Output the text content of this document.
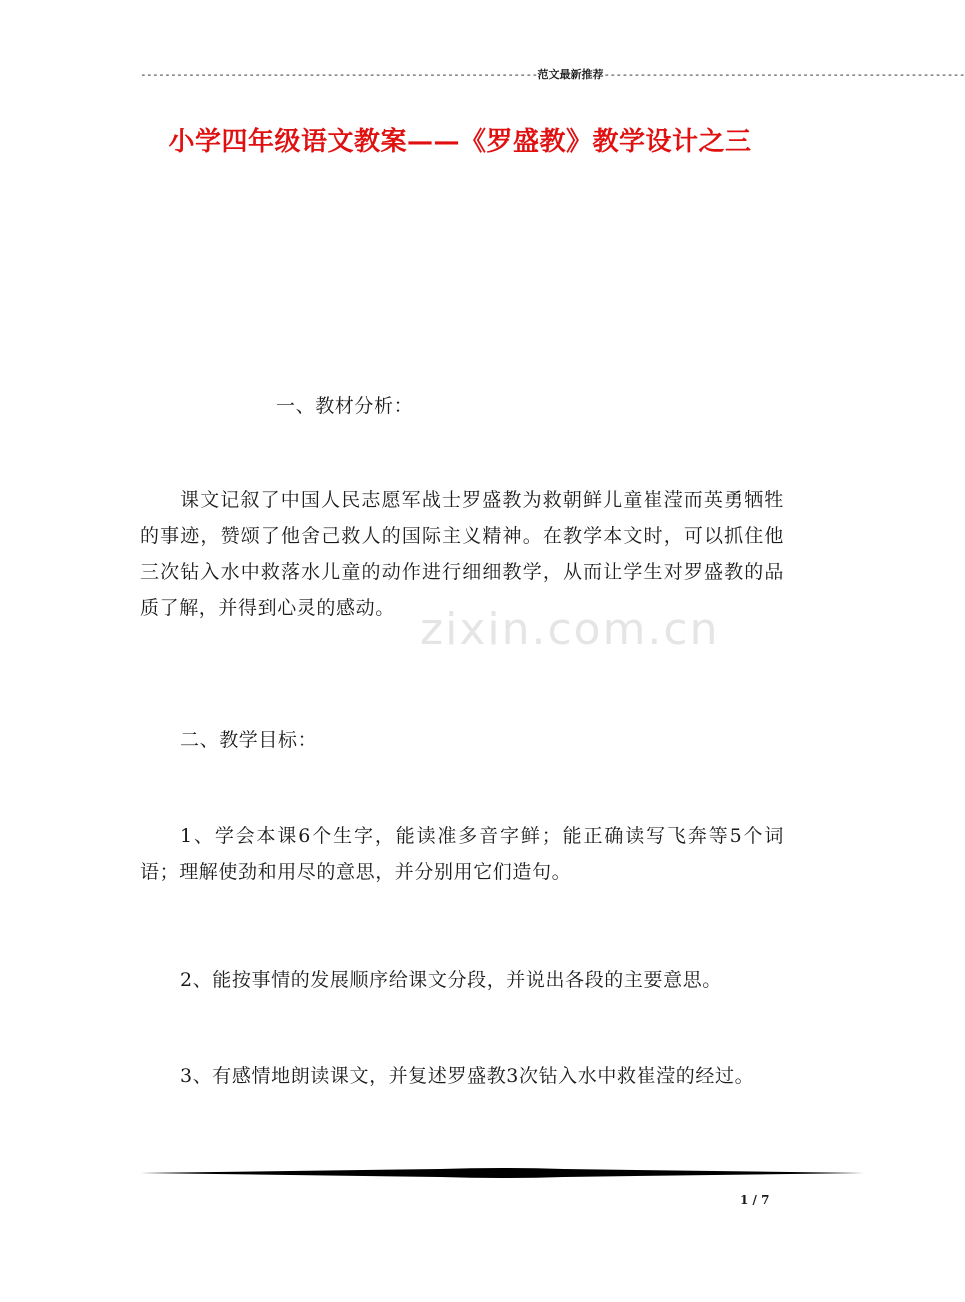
------------------------------------------------------------------范文最新推荐------------------------------------------------------------
小学四年级语文教案——《罗盛教》教学设计之三

一、教材分析：

课文记叙了中国人民志愿军战士罗盛教为救朝鲜儿童崔滢而英勇牺牲的事迹，赞颂了他舍己救人的国际主义精神。在教学本文时，可以抓住他三次钻入水中救落水儿童的动作进行细细教学，从而让学生对罗盛教的品质了解，并得到心灵的感动。 zixin.com.cn

二、教学目标：

1、学会本课6个生字，能读准多音字鲜；能正确读写飞奔等5个词语；理解使劲和用尽的意思，并分别用它们造句。

2、能按事情的发展顺序给课文分段，并说出各段的主要意思。

3、有感情地朗读课文，并复述罗盛教3次钻入水中救崔滢的经过。

1 / 7
